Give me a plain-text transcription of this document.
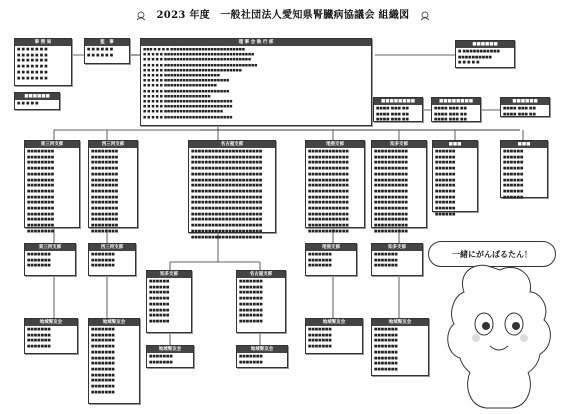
2023 年度　一般社団法人愛知県腎臓病協議会 組織図
事 務 局
■ ■ ■ ■ ■ ■ ■
■ ■ ■ ■ ■ ■ ■
■ ■ ■ ■ ■ ■ ■
■ ■ ■ ■ ■ ■ ■
■ ■ ■ ■ ■ ■ ■
■ ■ ■ ■ ■ ■ ■
監　事
■ ■ ■ ■ ■ ■
■ ■ ■ ■ ■ ■
理 事 会 執 行 部
■■■ ■ ■ ■ ■ ■■■■■■■■■■■■■■■■■■■■■■■■
■ ■ ■ ■ ■ ■■■■■■■■■■■■■■■■■■■■■■■■■■■■■
■ ■ ■ ■ ■ ■■■■■■■■■■■■■■■■■■■■■■■■■■■■
■ ■ ■ ■ ■ ■■■■■■■■■■■■■■■■■■■■■■■■■■■■■■
■ ■ ■ ■ ■ ■■■■■■■■■■■■■■■■■■■■■■■■■
■ ■ ■ ■ ■ ■■■■■■■■■■■■■■■■■■
■ ■ ■ ■ ■ ■■■■■■■■■■■■■■■■■■■■■
■ ■ ■ ■ ■ ■■■■■■■■■■■■■■■■■
■ ■ ■ ■ ■ ■■■■■■■■■■■■■■■■■■■■■
■ ■ ■ ■ ■ ■■■■■■■■■■■■■■■
■ ■ ■ ■ ■ ■■■■■■■■■■■■■■■■■■■■■■
■ ■ ■ ■ ■ ■■■■■■■■■■■■■■■■■■■■■■
■ ■ ■ ■ ■ ■■■■■■■■■■■■■■■■■■■
■ ■ ■ ■ ■ ■■■■■■■■■■■■■■■■■■■■■■
■■■■■■
■ ■■■■■■■■■■■
■■■■■■■■■■
■ ■ ■ ■ ■
■■■■■■
■ ■ ■ ■ ■	■■■■■■■■
■■■■ ■■■ ■■
■■■■ ■■■ ■■
■■■■ ■■■ ■■
■■■■■■■■
■■■■ ■■■ ■■
■■■■ ■■■ ■■
■■■■ ■■■ ■■
■■■■■■
■■■■ ■■■ ■■
■■■■ ■■■ ■■
東三河支部
■■■■■■■■
■■■■■■■■
■■■■■■■■
■■■■■■■■
■■■■■■■■
■■■■■■■■
■■■■■■■■
■■■■■■■■
■■■■■■■■
■■■■■■■■
■■■■■■■■
■■■■■■■■
■■■■■■■■
■■■■■■■■
■■■■■■■■
西三河支部
■■■■■■■■
■■■■■■■■
■■■■■■■■
■■■■■■■■
■■■■■■■■
■■■■■■■■
■■■■■■■■
■■■■■■■■
■■■■■■■■
■■■■■■■■
■■■■■■■■
■■■■■■■■
■■■■■■■■
■■■■■■■■
■■■■■■■■
名古屋支部
■■■■■■■■■■■■■■■■■■■■■
■■■■■■■■■■■■■■■■■■■■■
■■■■■■■■■■■■■■■■■■■■■
■■■■■■■■■■■■■■■■■■■■■
■■■■■■■■■■■■■■■■■■■■■
■■■■■■■■■■■■■■■■■■■■■
■■■■■■■■■■■■■■■■■■■■■
■■■■■■■■■■■■■■■■■■■■■
■■■■■■■■■■■■■■■■■■■■■
■■■■■■■■■■■■■■■■■■■■■
■■■■■■■■■■■■■■■■■■■■■
■■■■■■■■■■■■■■■■■■■■■
■■■■■■■■■■■■■■■■■■■■■
■■■■■■■■■■■■■■■■■■■■■
■■■■■■■■■■■■■■■■■■■■■
■■■■■■■■■■■■■■■■■■■■■
尾張支部
■■■■■■■■■■■■
■■■■■■■■■■■■
■■■■■■■■■■■■
■■■■■■■■■■■■
■■■■■■■■■■■■
■■■■■■■■■■■■
■■■■■■■■■■■■
■■■■■■■■■■■■
■■■■■■■■■■■■
■■■■■■■■■■■■
■■■■■■■■■■■■
■■■■■■■■■■■■
■■■■■■■■■■■■
■■■■■■■■■■■■
■■■■■■■■■■■■
知多支部
■■■■■■■■■■
■■■■■■■■■■
■■■■■■■■■■
■■■■■■■■■■
■■■■■■■■■■
■■■■■■■■■■
■■■■■■■■■■
■■■■■■■■■■
■■■■■■■■■■
■■■■■■■■■■
■■■■■■■■■■
■■■■■■■■■■
■■■■■■■■■■
■■■■■■■■■■
■■■■■■■■■■
■■■
■■■■■■
■■■■■■
■■■■■■
■■■■■■
■■■■■■
■■■■■■
■■■■■■
■■■■■■
■■■■■■
■■■■■■
■■■■■■
■■■■■■
■■■
■■■■■■
■■■■■■
■■■■■■
■■■■■■
■■■■■■
■■■■■■
■■■■■■
■■■■■■
■■■■■■
東三河支部
■■■■■■■
■■■■■■■
■■■■■■■
西三河支部
■■■■■■■
■■■■■■■
■■■■■■■
知多支部
■■■■■■
■■■■■■
■■■■■■
■■■■■■
■■■■■■
■■■■■■
■■■■■■
■■■■■■
名古屋支部
■■■■■■■
■■■■■■■
■■■■■■■
■■■■■■■
■■■■■■■
■■■■■■■
■■■■■■■
■■■■■■■
尾張支部
■■■■■■■
■■■■■■■
■■■■■■■
知多支部
■■■■■■■
■■■■■■■
■■■■■■■
地域腎友会
■■■■■■■
■■■■■■■
■■■■■■■
■■■■■■■
地域腎友会
■■■■■■■
■■■■■■■
■■■■■■■
■■■■■■■
■■■■■■■
■■■■■■■
■■■■■■■
■■■■■■■
■■■■■■■
■■■■■■■
■■■■■■■
■■■■■■■
地域腎友会
■■■■■■■
■■■■■■■
地域腎友会
■■■■■■■
■■■■■■■
地域腎友会
■■■■■■■
■■■■■■■
■■■■■■■
■■■■■■■
地域腎友会
■■■■■■■
■■■■■■■
■■■■■■■
■■■■■■■
■■■■■■■
■■■■■■■
■■■■■■■
■■■■■■■
一緒にがんばるたん！
